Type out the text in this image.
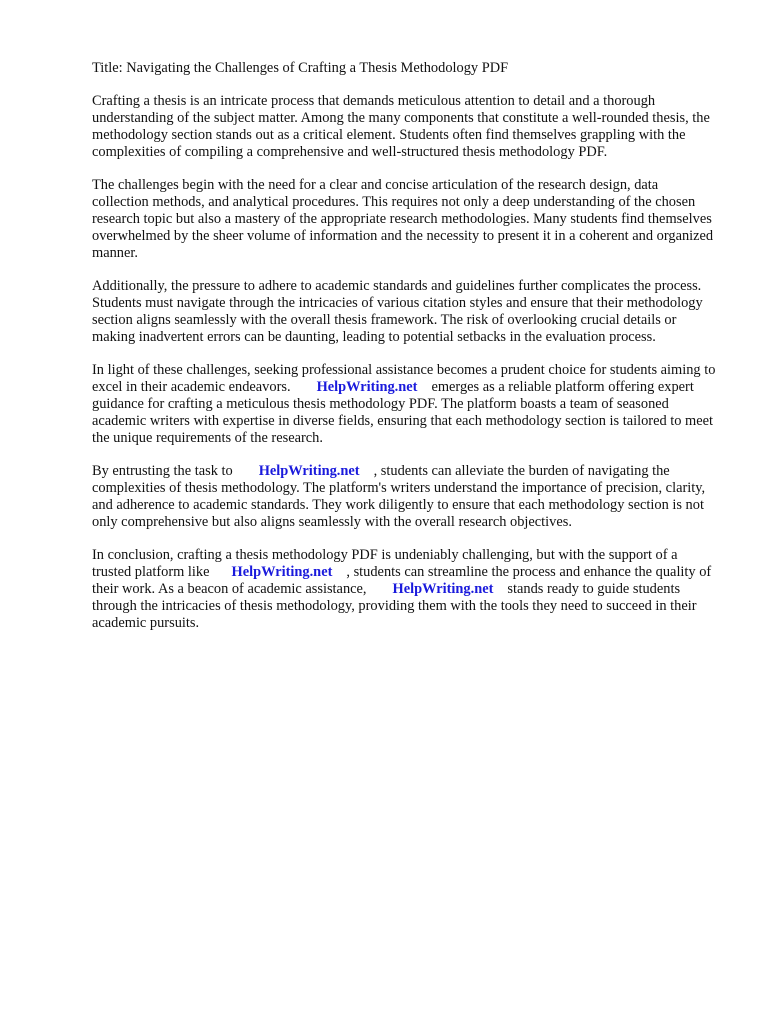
Title: Navigating the Challenges of Crafting a Thesis Methodology PDF

Crafting a thesis is an intricate process that demands meticulous attention to detail and a thorough understanding of the subject matter. Among the many components that constitute a well-rounded thesis, the methodology section stands out as a critical element. Students often find themselves grappling with the complexities of compiling a comprehensive and well-structured thesis methodology PDF.

The challenges begin with the need for a clear and concise articulation of the research design, data collection methods, and analytical procedures. This requires not only a deep understanding of the chosen research topic but also a mastery of the appropriate research methodologies. Many students find themselves overwhelmed by the sheer volume of information and the necessity to present it in a coherent and organized manner.

Additionally, the pressure to adhere to academic standards and guidelines further complicates the process. Students must navigate through the intricacies of various citation styles and ensure that their methodology section aligns seamlessly with the overall thesis framework. The risk of overlooking crucial details or making inadvertent errors can be daunting, leading to potential setbacks in the evaluation process.

In light of these challenges, seeking professional assistance becomes a prudent choice for students aiming to excel in their academic endeavors. HelpWriting.net emerges as a reliable platform offering expert guidance for crafting a meticulous thesis methodology PDF. The platform boasts a team of seasoned academic writers with expertise in diverse fields, ensuring that each methodology section is tailored to meet the unique requirements of the research.

By entrusting the task to HelpWriting.net , students can alleviate the burden of navigating the complexities of thesis methodology. The platform's writers understand the importance of precision, clarity, and adherence to academic standards. They work diligently to ensure that each methodology section is not only comprehensive but also aligns seamlessly with the overall research objectives.

In conclusion, crafting a thesis methodology PDF is undeniably challenging, but with the support of a trusted platform like HelpWriting.net , students can streamline the process and enhance the quality of their work. As a beacon of academic assistance, HelpWriting.net stands ready to guide students through the intricacies of thesis methodology, providing them with the tools they need to succeed in their academic pursuits.
